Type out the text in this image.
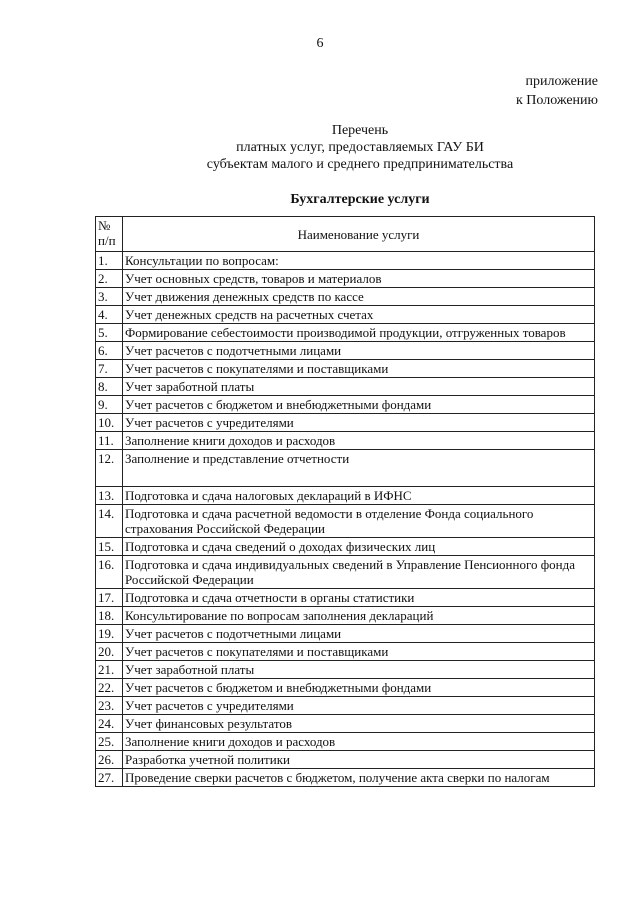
6
приложение
к Положению
Перечень
платных услуг, предоставляемых ГАУ БИ
субъектам малого и среднего предпринимательства
Бухгалтерские услуги
№
п/п	Наименование услуги
1.	Консультации по вопросам:
2.	Учет основных средств, товаров и материалов
3.	Учет движения денежных средств по кассе
4.	Учет денежных средств на расчетных счетах
5.	Формирование себестоимости производимой продукции, отгруженных товаров
6.	Учет расчетов с подотчетными лицами
7.	Учет расчетов с покупателями и поставщиками
8.	Учет заработной платы
9.	Учет расчетов с бюджетом и внебюджетными фондами
10.	Учет расчетов с учредителями
11.	Заполнение книги доходов и расходов
12.	Заполнение и представление отчетности
13.	Подготовка и сдача налоговых деклараций в ИФНС
14.	Подготовка и сдача расчетной ведомости в отделение Фонда социального страхования Российской Федерации
15.	Подготовка и сдача сведений о доходах физических лиц
16.	Подготовка и сдача индивидуальных сведений в Управление Пенсионного фонда Российской Федерации
17.	Подготовка и сдача отчетности в органы статистики
18.	Консультирование по вопросам заполнения деклараций
19.	Учет расчетов с подотчетными лицами
20.	Учет расчетов с покупателями и поставщиками
21.	Учет заработной платы
22.	Учет расчетов с бюджетом и внебюджетными фондами
23.	Учет расчетов с учредителями
24.	Учет финансовых результатов
25.	Заполнение книги доходов и расходов
26.	Разработка учетной политики
27.	Проведение сверки расчетов с бюджетом, получение акта сверки по налогам
